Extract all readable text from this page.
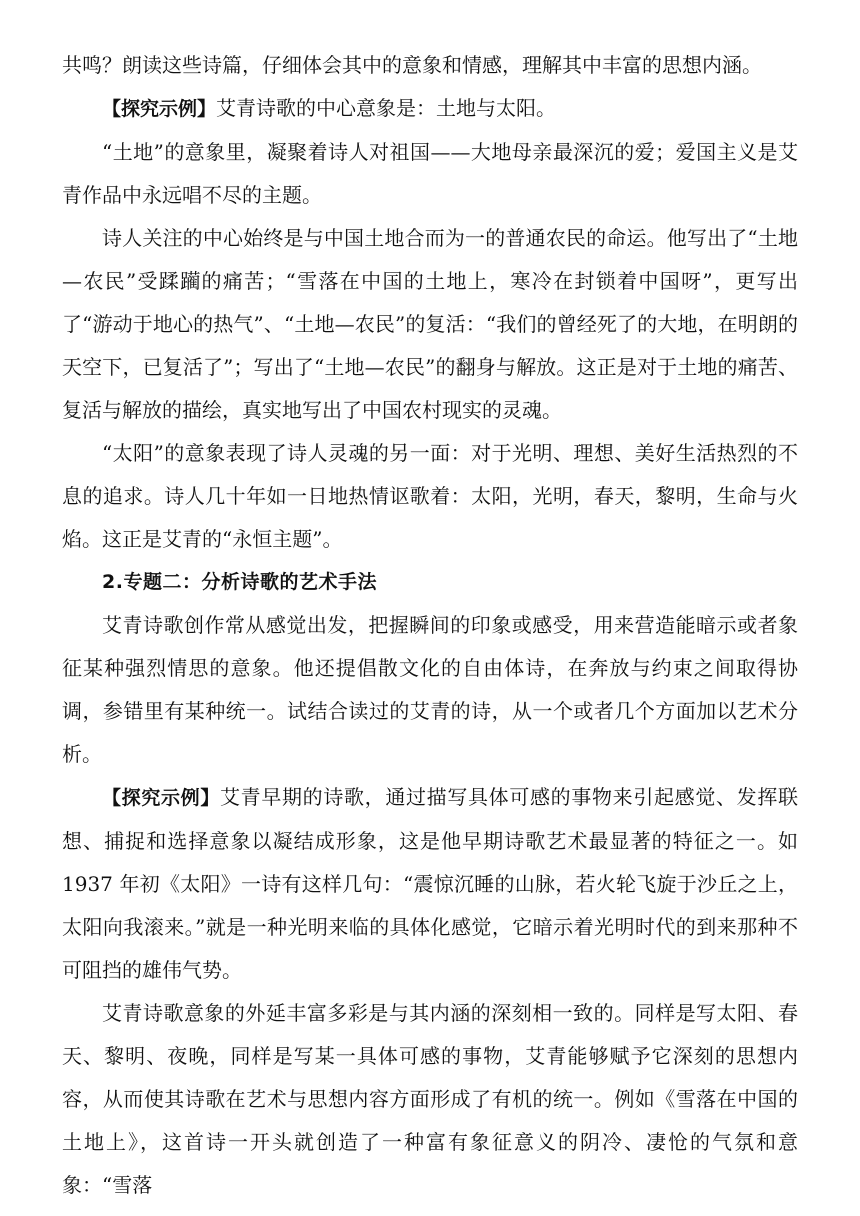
共鸣？朗读这些诗篇，仔细体会其中的意象和情感，理解其中丰富的思想内涵。

【探究示例】艾青诗歌的中心意象是：土地与太阳。

“土地”的意象里，凝聚着诗人对祖国——大地母亲最深沉的爱；爱国主义是艾青作品中永远唱不尽的主题。

诗人关注的中心始终是与中国土地合而为一的普通农民的命运。他写出了“土地—农民”受蹂躏的痛苦；“雪落在中国的土地上，寒冷在封锁着中国呀”，更写出了“游动于地心的热气”、“土地—农民”的复活：“我们的曾经死了的大地，在明朗的天空下，已复活了”；写出了“土地—农民”的翻身与解放。这正是对于土地的痛苦、复活与解放的描绘，真实地写出了中国农村现实的灵魂。

“太阳”的意象表现了诗人灵魂的另一面：对于光明、理想、美好生活热烈的不息的追求。诗人几十年如一日地热情讴歌着：太阳，光明，春天，黎明，生命与火焰。这正是艾青的“永恒主题”。

2.专题二：分析诗歌的艺术手法

艾青诗歌创作常从感觉出发，把握瞬间的印象或感受，用来营造能暗示或者象征某种强烈情思的意象。他还提倡散文化的自由体诗，在奔放与约束之间取得协调，参错里有某种统一。试结合读过的艾青的诗，从一个或者几个方面加以艺术分析。

【探究示例】艾青早期的诗歌，通过描写具体可感的事物来引起感觉、发挥联想、捕捉和选择意象以凝结成形象，这是他早期诗歌艺术最显著的特征之一。如 1937 年初《太阳》一诗有这样几句：“震惊沉睡的山脉，若火轮飞旋于沙丘之上，太阳向我滚来。”就是一种光明来临的具体化感觉，它暗示着光明时代的到来那种不可阻挡的雄伟气势。

艾青诗歌意象的外延丰富多彩是与其内涵的深刻相一致的。同样是写太阳、春天、黎明、夜晚，同样是写某一具体可感的事物，艾青能够赋予它深刻的思想内容，从而使其诗歌在艺术与思想内容方面形成了有机的统一。例如《雪落在中国的土地上》，这首诗一开头就创造了一种富有象征意义的阴冷、凄怆的气氛和意象：“雪落
